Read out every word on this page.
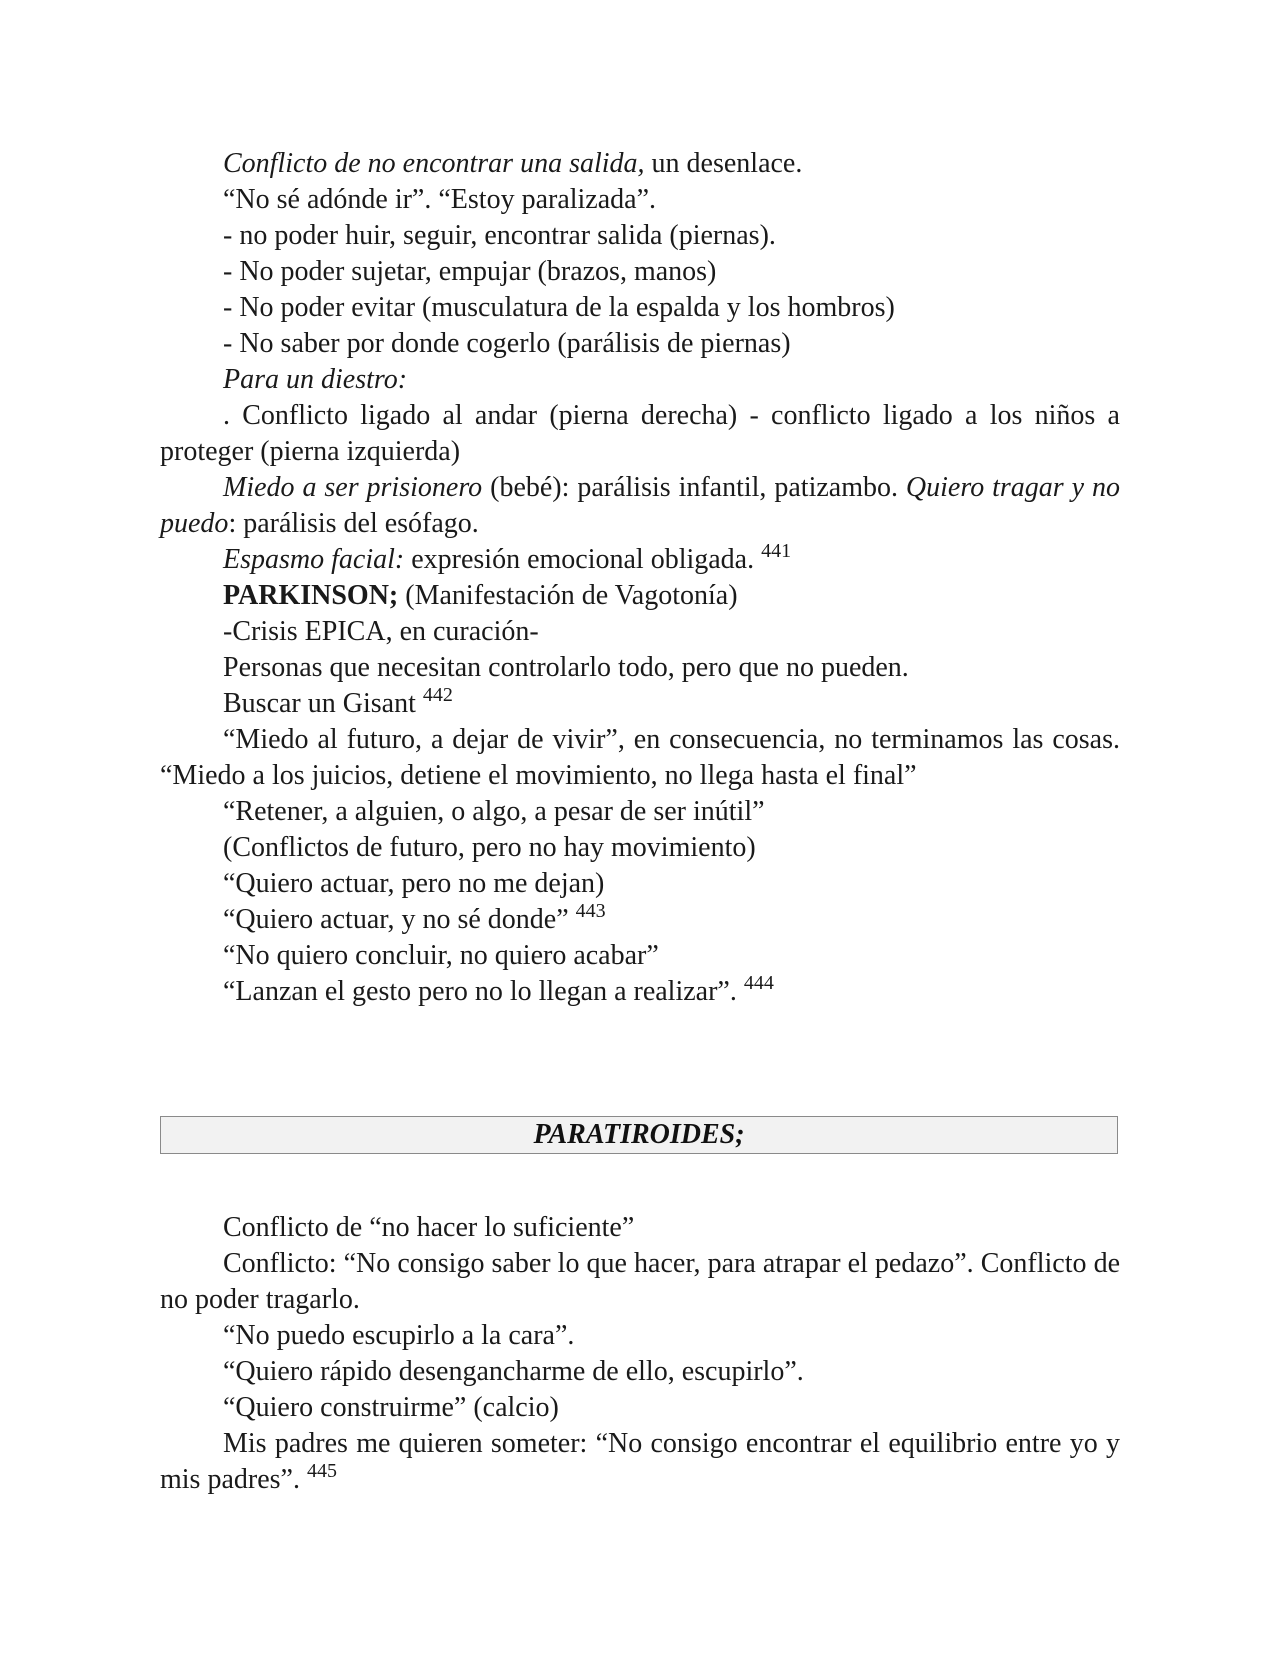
Conflicto de no encontrar una salida, un desenlace.

“No sé adónde ir”. “Estoy paralizada”.

- no poder huir, seguir, encontrar salida (piernas).

- No poder sujetar, empujar (brazos, manos)

- No poder evitar (musculatura de la espalda y los hombros)

- No saber por donde cogerlo (parálisis de piernas)

Para un diestro:

. Conflicto ligado al andar (pierna derecha) - conflicto ligado a los niños a proteger (pierna izquierda)

Miedo a ser prisionero (bebé): parálisis infantil, patizambo. Quiero tragar y no puedo: parálisis del esófago.

Espasmo facial: expresión emocional obligada. $^{441}$

PARKINSON; (Manifestación de Vagotonía)

-Crisis EPICA, en curación-

Personas que necesitan controlarlo todo, pero que no pueden.

Buscar un Gisant $^{442}$

“Miedo al futuro, a dejar de vivir”, en consecuencia, no terminamos las cosas. “Miedo a los juicios, detiene el movimiento, no llega hasta el final”

“Retener, a alguien, o algo, a pesar de ser inútil”

(Conflictos de futuro, pero no hay movimiento)

“Quiero actuar, pero no me dejan)

“Quiero actuar, y no sé donde” $^{443}$

“No quiero concluir, no quiero acabar”

“Lanzan el gesto pero no lo llegan a realizar”. $^{444}$

PARATIROIDES;

Conflicto de “no hacer lo suficiente”

Conflicto: “No consigo saber lo que hacer, para atrapar el pedazo”. Conflicto de no poder tragarlo.

“No puedo escupirlo a la cara”.

“Quiero rápido desengancharme de ello, escupirlo”.

“Quiero construirme” (calcio)

Mis padres me quieren someter: “No consigo encontrar el equilibrio entre yo y mis padres”. $^{445}$
